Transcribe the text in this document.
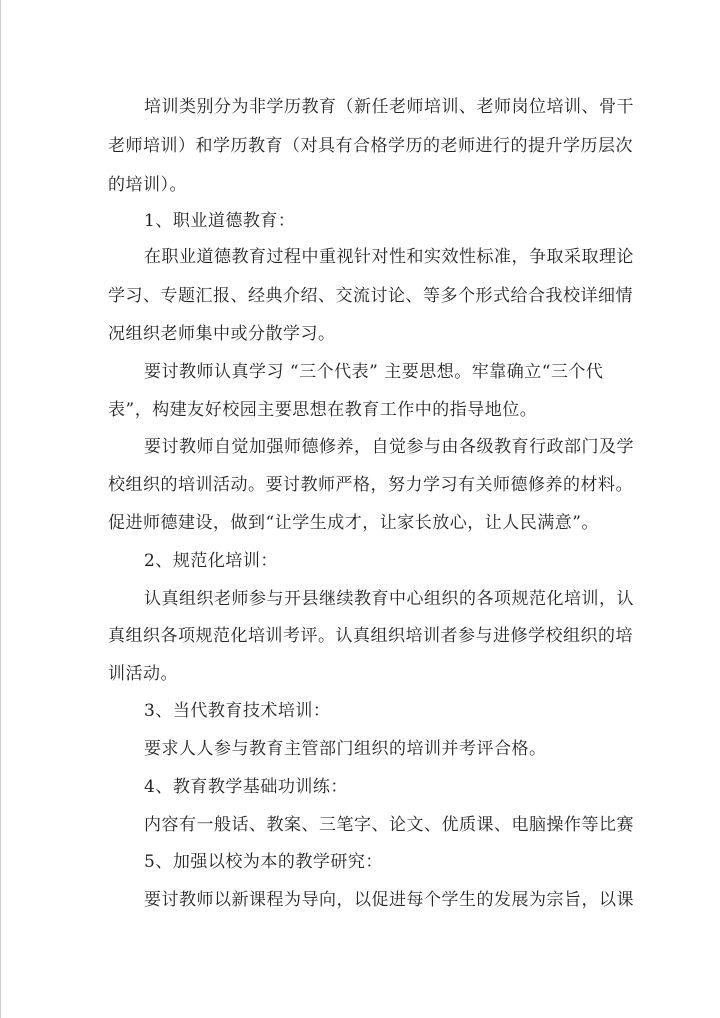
培训类别分为非学历教育（新任老师培训、老师岗位培训、骨干
老师培训）和学历教育（对具有合格学历的老师进行的提升学历层次
的培训）。
1、职业道德教育：
在职业道德教育过程中重视针对性和实效性标准，争取采取理论
学习、专题汇报、经典介绍、交流讨论、等多个形式给合我校详细情
况组织老师集中或分散学习。
要讨教师认真学习 “三个代表” 主要思想。牢靠确立“三个代
表”，构建友好校园主要思想在教育工作中的指导地位。
要讨教师自觉加强师德修养，自觉参与由各级教育行政部门及学
校组织的培训活动。要讨教师严格，努力学习有关师德修养的材料。
促进师德建设，做到“让学生成才，让家长放心，让人民满意”。
2、规范化培训：
认真组织老师参与开县继续教育中心组织的各项规范化培训，认
真组织各项规范化培训考评。认真组织培训者参与进修学校组织的培
训活动。
3、当代教育技术培训：
要求人人参与教育主管部门组织的培训并考评合格。
4、教育教学基础功训练：
内容有一般话、教案、三笔字、论文、优质课、电脑操作等比赛
5、加强以校为本的教学研究：
要讨教师以新课程为导向，以促进每个学生的发展为宗旨，以课
